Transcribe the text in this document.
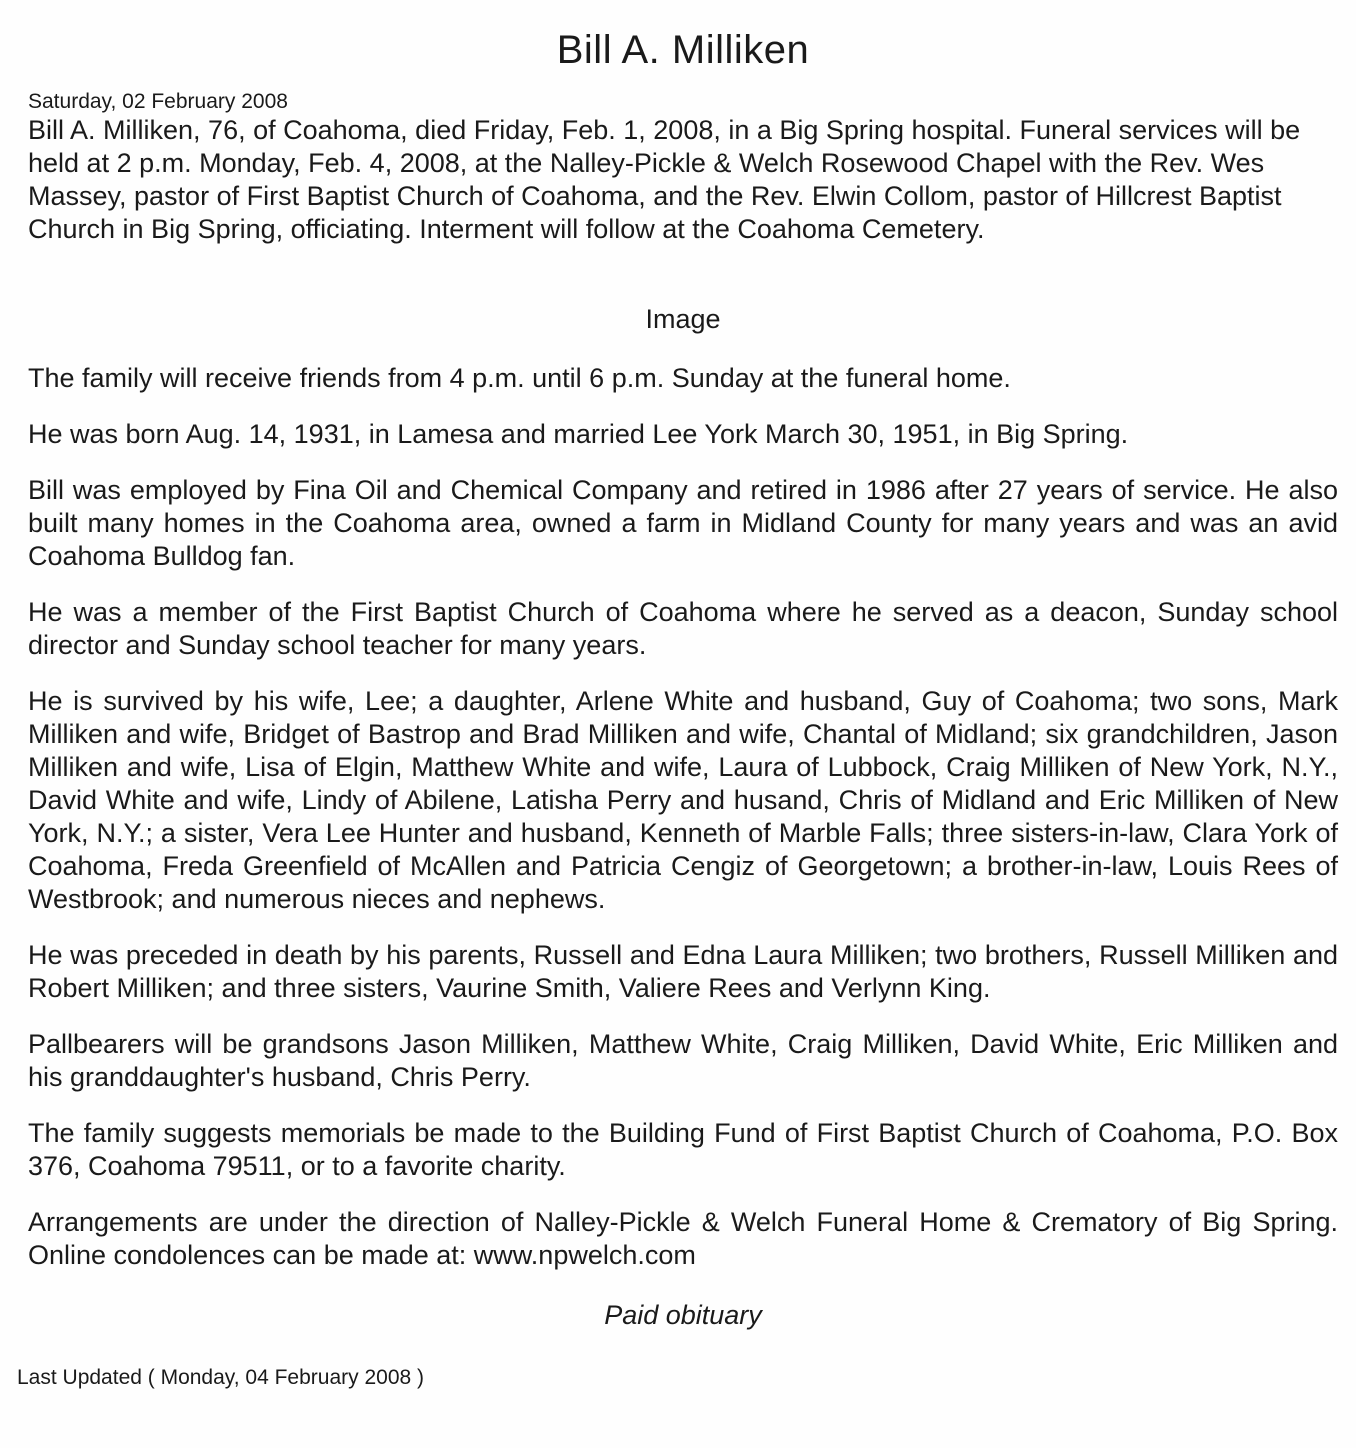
Bill A. Milliken
Saturday, 02 February 2008

Bill A. Milliken, 76, of Coahoma, died Friday, Feb. 1, 2008, in a Big Spring hospital. Funeral services will be held at 2 p.m. Monday, Feb. 4, 2008, at the Nalley-Pickle & Welch Rosewood Chapel with the Rev. Wes Massey, pastor of First Baptist Church of Coahoma, and the Rev. Elwin Collom, pastor of Hillcrest Baptist Church in Big Spring, officiating. Interment will follow at the Coahoma Cemetery.

Image

The family will receive friends from 4 p.m. until 6 p.m. Sunday at the funeral home.

He was born Aug. 14, 1931, in Lamesa and married Lee York March 30, 1951, in Big Spring.

Bill was employed by Fina Oil and Chemical Company and retired in 1986 after 27 years of service. He also built many homes in the Coahoma area, owned a farm in Midland County for many years and was an avid Coahoma Bulldog fan.

He was a member of the First Baptist Church of Coahoma where he served as a deacon, Sunday school director and Sunday school teacher for many years.

He is survived by his wife, Lee; a daughter, Arlene White and husband, Guy of Coahoma; two sons, Mark Milliken and wife, Bridget of Bastrop and Brad Milliken and wife, Chantal of Midland; six grandchildren, Jason Milliken and wife, Lisa of Elgin, Matthew White and wife, Laura of Lubbock, Craig Milliken of New York, N.Y., David White and wife, Lindy of Abilene, Latisha Perry and husand, Chris of Midland and Eric Milliken of New York, N.Y.; a sister, Vera Lee Hunter and husband, Kenneth of Marble Falls; three sisters-in-law, Clara York of Coahoma, Freda Greenfield of McAllen and Patricia Cengiz of Georgetown; a brother-in-law, Louis Rees of Westbrook; and numerous nieces and nephews.

He was preceded in death by his parents, Russell and Edna Laura Milliken; two brothers, Russell Milliken and Robert Milliken; and three sisters, Vaurine Smith, Valiere Rees and Verlynn King.

Pallbearers will be grandsons Jason Milliken, Matthew White, Craig Milliken, David White, Eric Milliken and his granddaughter's husband, Chris Perry.

The family suggests memorials be made to the Building Fund of First Baptist Church of Coahoma, P.O. Box 376, Coahoma 79511, or to a favorite charity.

Arrangements are under the direction of Nalley-Pickle & Welch Funeral Home & Crematory of Big Spring. Online condolences can be made at: www.npwelch.com

Paid obituary
Last Updated ( Monday, 04 February 2008 )
